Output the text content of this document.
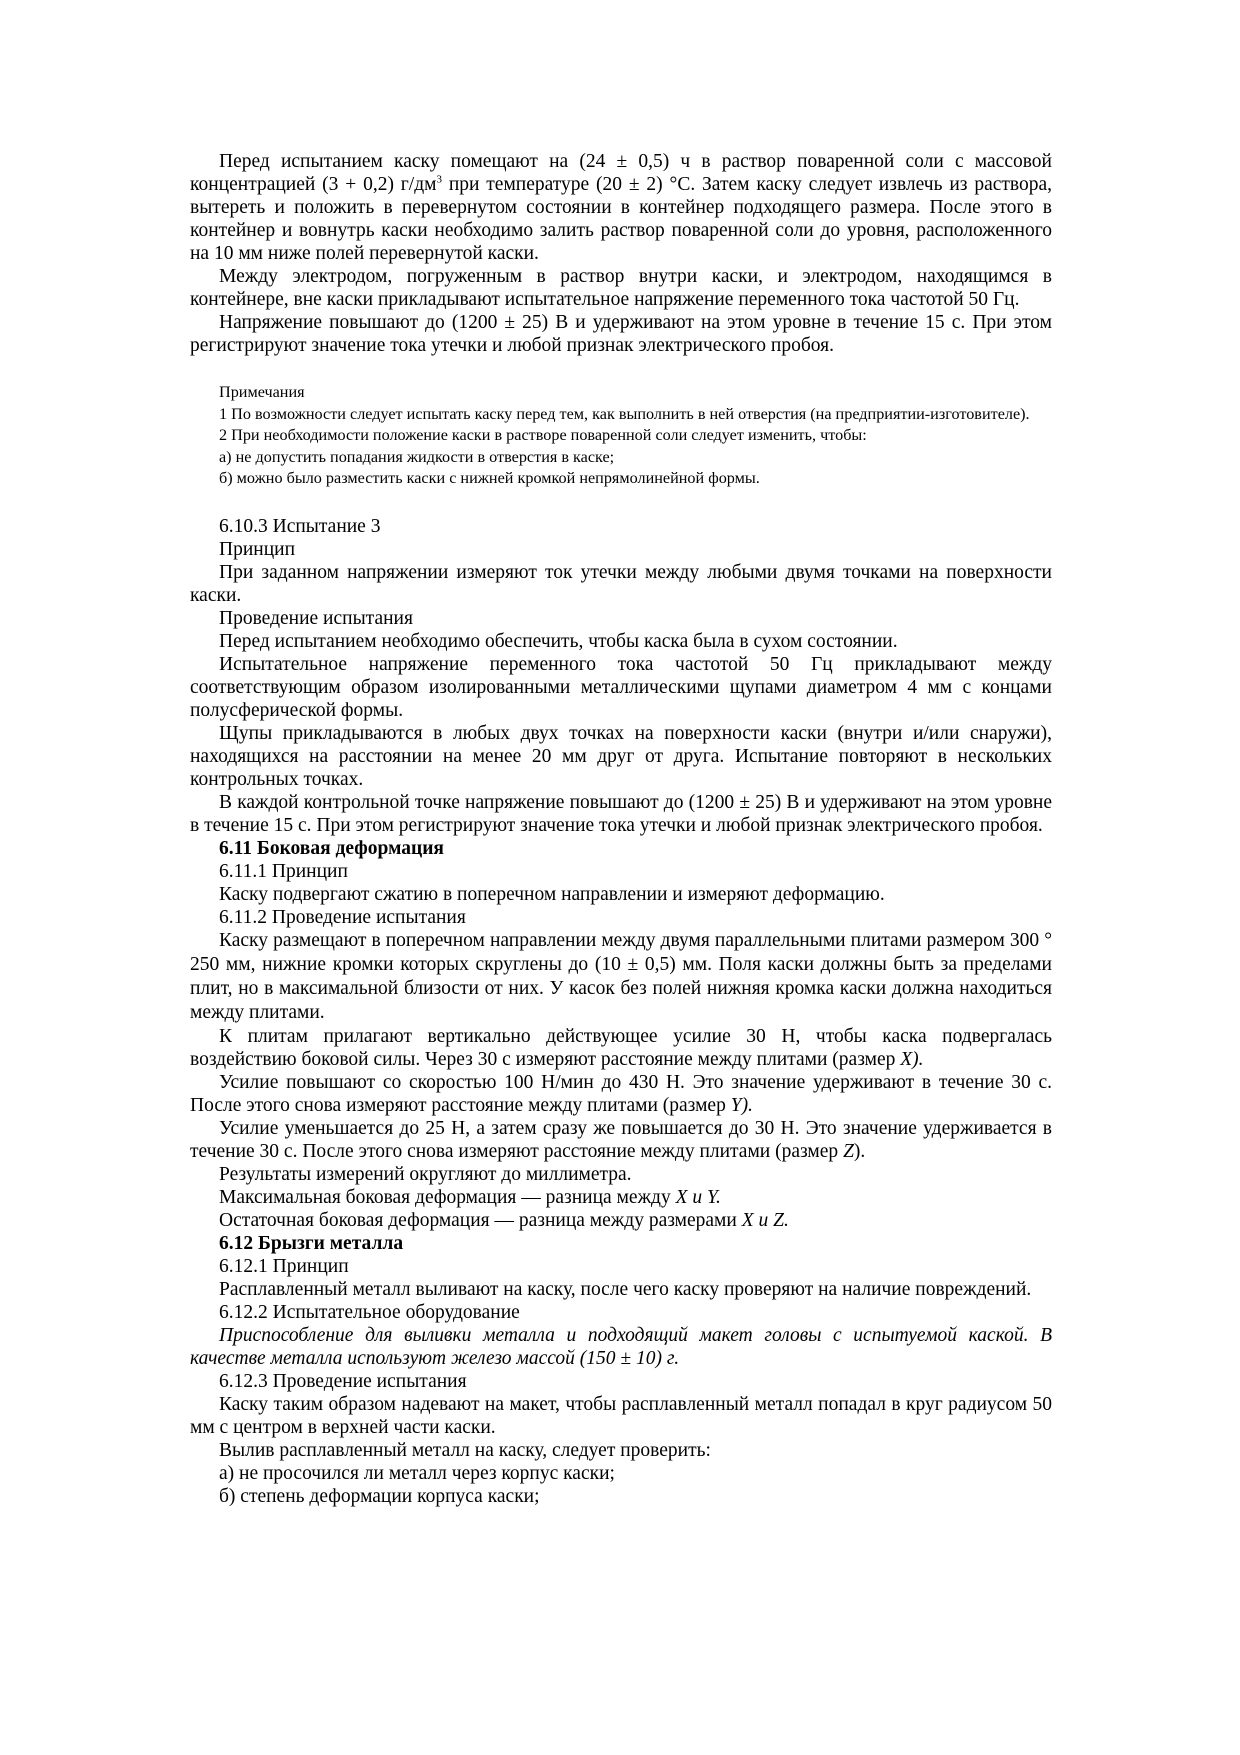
Перед испытанием каску помещают на (24 ± 0,5) ч в раствор поваренной соли с массовой концентрацией (3 + 0,2) $г/дм^3$ при температуре (20 ± 2) °С. Затем каску следует извлечь из раствора, вытереть и положить в перевернутом состоянии в контейнер подходящего размера. После этого в контейнер и вовнутрь каски необходимо залить раствор поваренной соли до уровня, расположенного на 10 мм ниже полей перевернутой каски.

Между электродом, погруженным в раствор внутри каски, и электродом, находящимся в контейнере, вне каски прикладывают испытательное напряжение переменного тока частотой 50 Гц.

Напряжение повышают до (1200 ± 25) В и удерживают на этом уровне в течение 15 с. При этом регистрируют значение тока утечки и любой признак электрического пробоя.

Примечания

1 По возможности следует испытать каску перед тем, как выполнить в ней отверстия (на предприятии-изготовителе).

2 При необходимости положение каски в растворе поваренной соли следует изменить, чтобы:

а) не допустить попадания жидкости в отверстия в каске;

б) можно было разместить каски с нижней кромкой непрямолинейной формы.

6.10.3 Испытание 3

Принцип

При заданном напряжении измеряют ток утечки между любыми двумя точками на поверхности каски.

Проведение испытания

Перед испытанием необходимо обеспечить, чтобы каска была в сухом состоянии.

Испытательное напряжение переменного тока частотой 50 Гц прикладывают между соответствующим образом изолированными металлическими щупами диаметром 4 мм с концами полусферической формы.

Щупы прикладываются в любых двух точках на поверхности каски (внутри и/или снаружи), находящихся на расстоянии на менее 20 мм друг от друга. Испытание повторяют в нескольких контрольных точках.

В каждой контрольной точке напряжение повышают до (1200 ± 25) В и удерживают на этом уровне в течение 15 с. При этом регистрируют значение тока утечки и любой признак электрического пробоя.

6.11 Боковая деформация

6.11.1 Принцип

Каску подвергают сжатию в поперечном направлении и измеряют деформацию.

6.11.2 Проведение испытания

Каску размещают в поперечном направлении между двумя параллельными плитами размером 300 ° 250 мм, нижние кромки которых скруглены до (10 ± 0,5) мм. Поля каски должны быть за пределами плит, но в максимальной близости от них. У касок без полей нижняя кромка каски должна находиться между плитами.

К плитам прилагают вертикально действующее усилие 30 Н, чтобы каска подвергалась воздействию боковой силы. Через 30 с измеряют расстояние между плитами (размер X).

Усилие повышают со скоростью 100 Н/мин до 430 Н. Это значение удерживают в течение 30 с. После этого снова измеряют расстояние между плитами (размер Y).

Усилие уменьшается до 25 Н, а затем сразу же повышается до 30 Н. Это значение удерживается в течение 30 с. После этого снова измеряют расстояние между плитами (размер Z).

Результаты измерений округляют до миллиметра.

Максимальная боковая деформация — разница между X и Y.

Остаточная боковая деформация — разница между размерами X и Z.

6.12 Брызги металла

6.12.1 Принцип

Расплавленный металл выливают на каску, после чего каску проверяют на наличие повреждений.

6.12.2 Испытательное оборудование

Приспособление для выливки металла и подходящий макет головы с испытуемой каской. В качестве металла используют железо массой (150 ± 10) г.

6.12.3 Проведение испытания

Каску таким образом надевают на макет, чтобы расплавленный металл попадал в круг радиусом 50 мм с центром в верхней части каски.

Вылив расплавленный металл на каску, следует проверить:

а) не просочился ли металл через корпус каски;

б) степень деформации корпуса каски;
